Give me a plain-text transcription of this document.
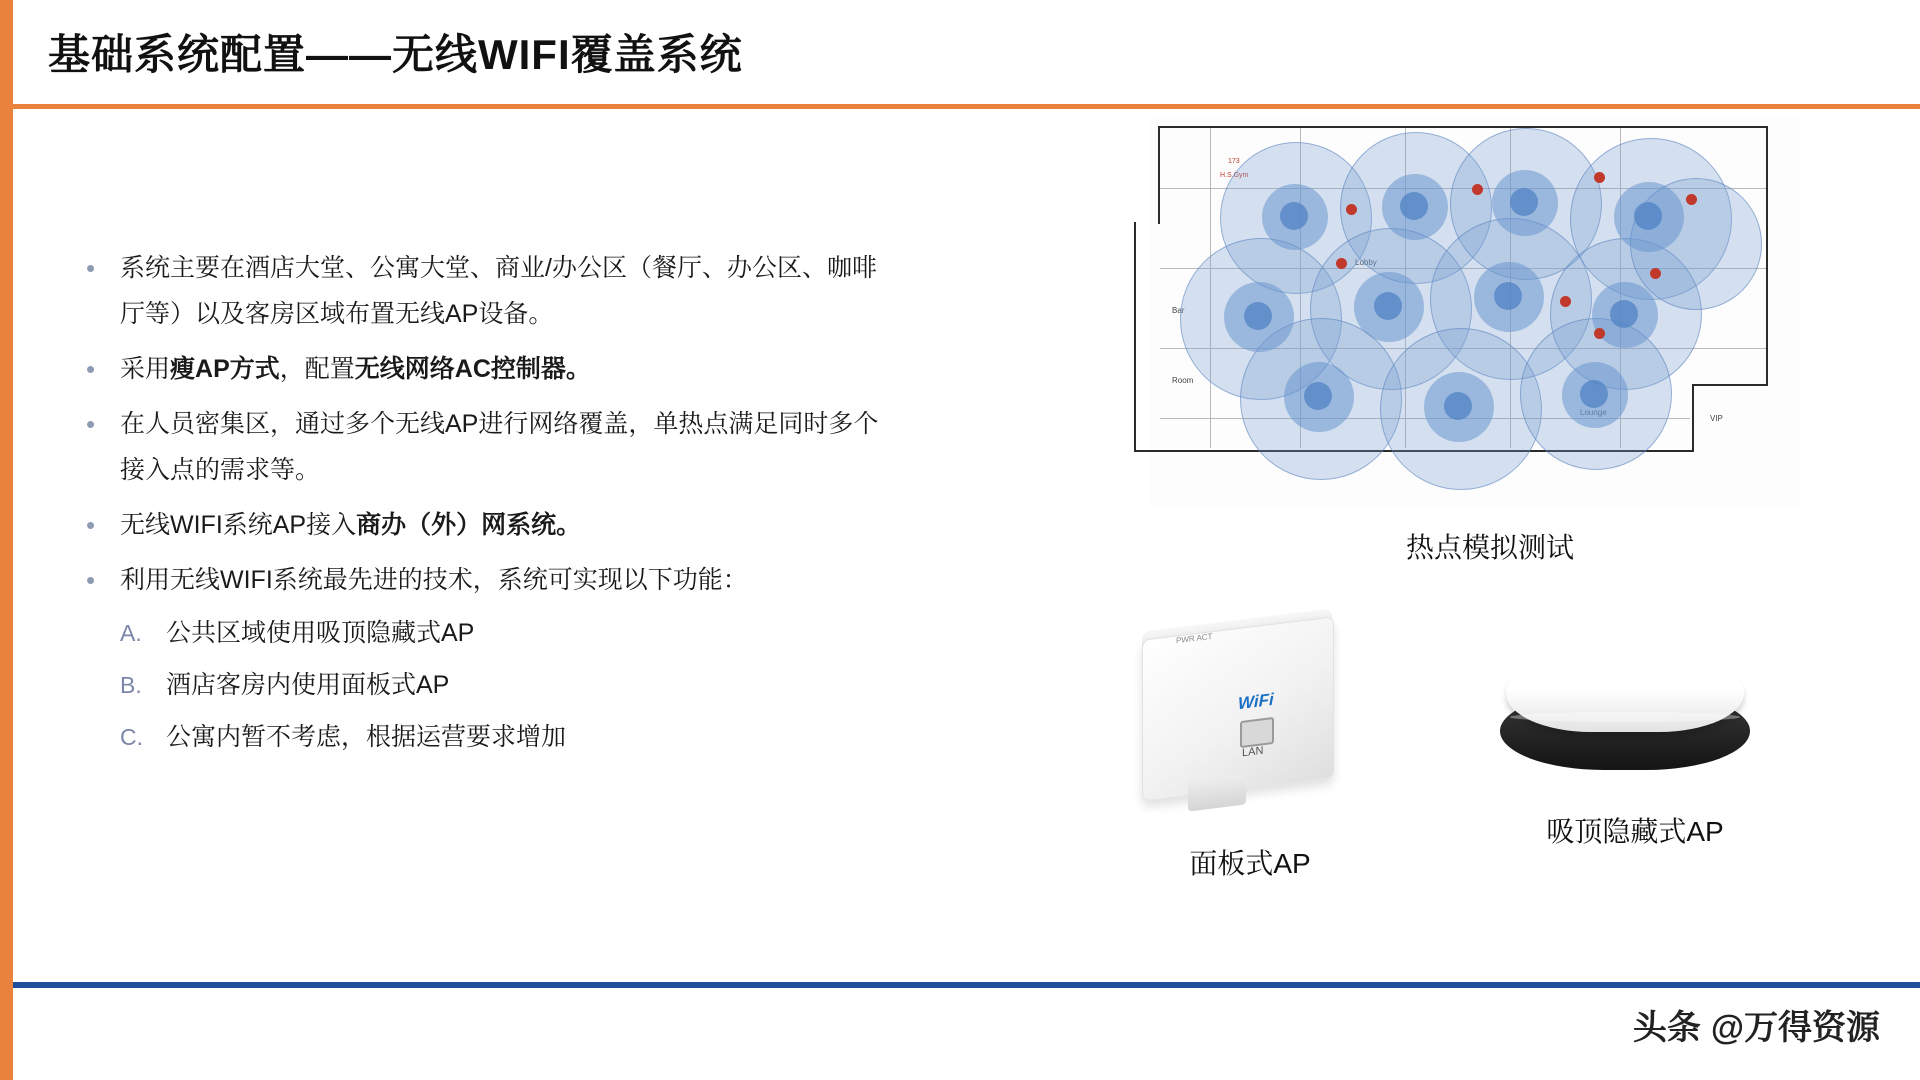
基础系统配置——无线WIFI覆盖系统
• 系统主要在酒店大堂、公寓大堂、商业/办公区（餐厅、办公区、咖啡厅等）以及客房区域布置无线AP设备。
• 采用瘦AP方式，配置无线网络AC控制器。
• 在人员密集区，通过多个无线AP进行网络覆盖，单热点满足同时多个接入点的需求等。
• 无线WIFI系统AP接入商办（外）网系统。
• 利用无线WIFI系统最先进的技术，系统可实现以下功能：
A. 公共区域使用吸顶隐藏式AP
B. 酒店客房内使用面板式AP
C. 公寓内暂不考虑，根据运营要求增加
173
H.S.Gym
Lobby
Bar
Room
VIP
热点模拟测试
PWR ACT
WiFi
LAN
面板式AP
吸顶隐藏式AP
头条 @万得资源
